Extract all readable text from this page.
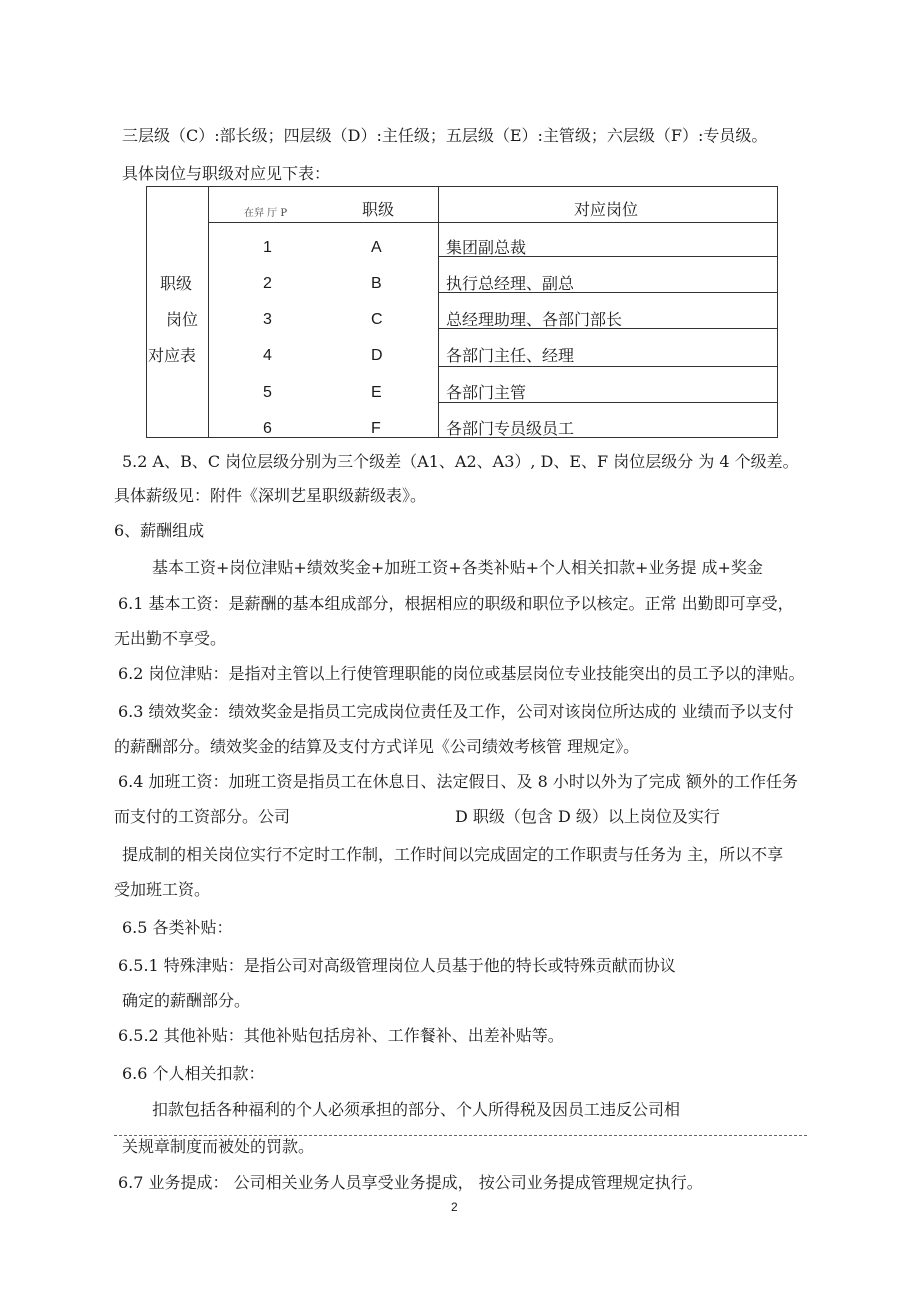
三层级（C）:部长级；四层级（D）:主任级；五层级（E）:主管级；六层级（F）:专员级。
具体岗位与职级对应见下表：
职级
岗位
对应表
在舁 厅 P	职级	对应岗位
1	A	集团副总裁
2	B	执行总经理、副总
3	C	总经理助理、各部门部长
4	D	各部门主任、经理
5	E	各部门主管
6	F	各部门专员级员工
5.2 A、B、C 岗位层级分别为三个级差（A1、A2、A3）, D、E、F 岗位层级分 为 4 个级差。
具体薪级见：附件《深圳艺星职级薪级表》。
6、薪酬组成
基本工资+岗位津贴+绩效奖金+加班工资+各类补贴+个人相关扣款+业务提 成+奖金
6.1 基本工资：是薪酬的基本组成部分，根据相应的职级和职位予以核定。正常 出勤即可享受，
无出勤不享受。
6.2 岗位津贴：是指对主管以上行使管理职能的岗位或基层岗位专业技能突出的员工予以的津贴。
6.3 绩效奖金：绩效奖金是指员工完成岗位责任及工作，公司对该岗位所达成的 业绩而予以支付
的薪酬部分。绩效奖金的结算及支付方式详见《公司绩效考核管 理规定》。
6.4 加班工资：加班工资是指员工在休息日、法定假日、及 8 小时以外为了完成 额外的工作任务
而支付的工资部分。公司	D 职级（包含 D 级）以上岗位及实行
提成制的相关岗位实行不定时工作制，工作时间以完成固定的工作职责与任务为 主，所以不享
受加班工资。
6.5 各类补贴：
6.5.1 特殊津贴：是指公司对高级管理岗位人员基于他的特长或特殊贡献而协议
确定的薪酬部分。
6.5.2 其他补贴：其他补贴包括房补、工作餐补、出差补贴等。
6.6 个人相关扣款：
扣款包括各种福利的个人必须承担的部分、个人所得税及因员工违反公司相
关规章制度而被处的罚款。
6.7 业务提成： 公司相关业务人员享受业务提成， 按公司业务提成管理规定执行。
2
